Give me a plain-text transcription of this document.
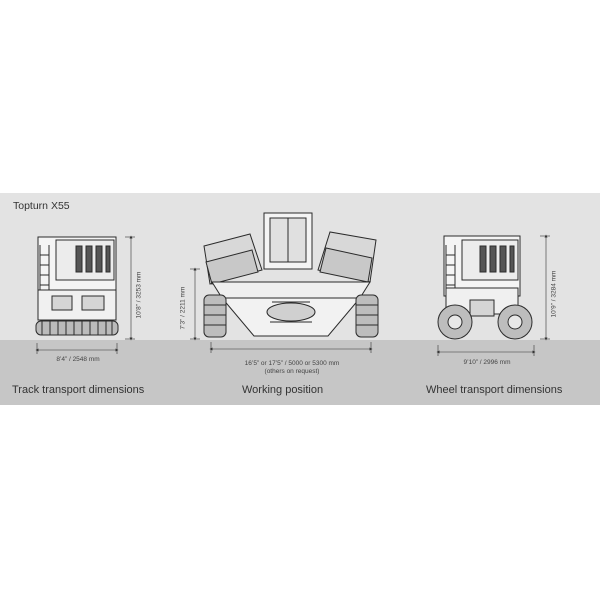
Topturn X55
8’4” / 2548 mm
10’8” / 3253 mm
16’5” or 17’5” / 5000 or 5300 mm
(others on request)
7’3” / 2211 mm
9’10” / 2996 mm
10’9” / 3284 mm
Track transport dimensions	Working position	Wheel transport dimensions
